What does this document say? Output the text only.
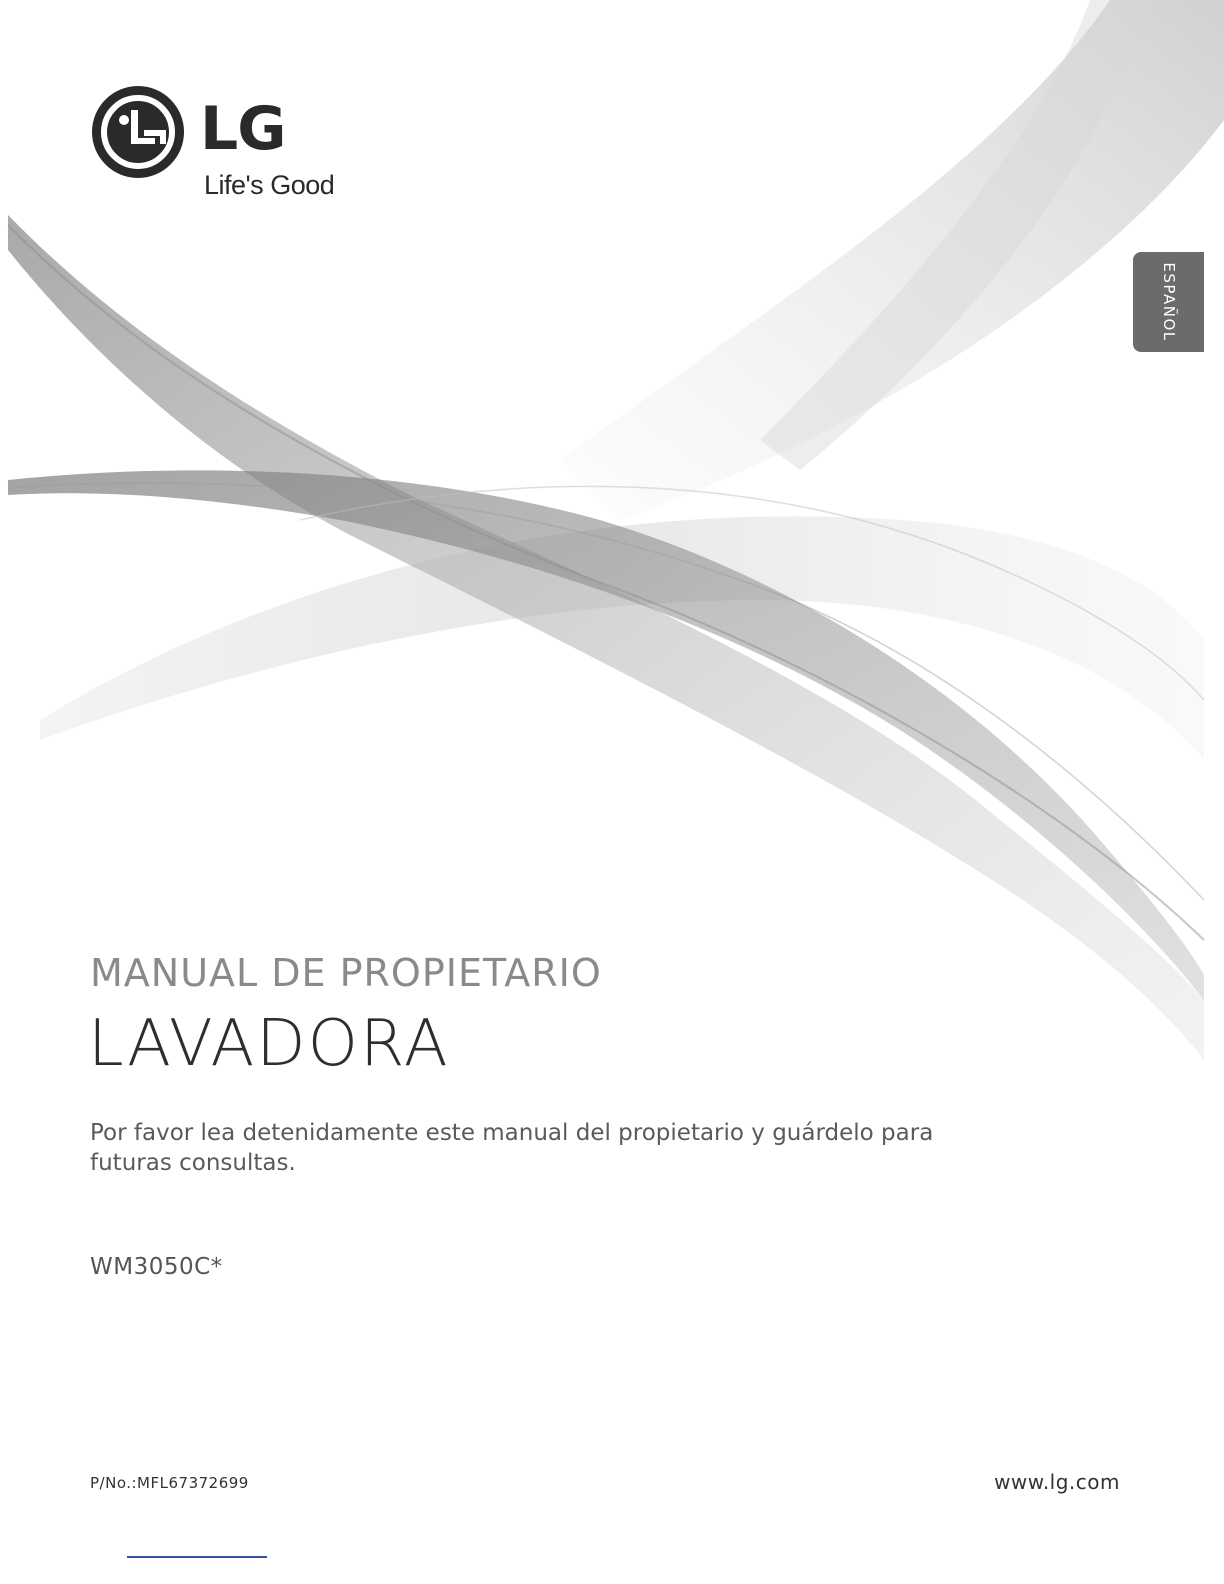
LG
Life's Good
ESPAÑOL
MANUAL DE PROPIETARIO
LAVADORA
Por favor lea detenidamente este manual del propietario y guárdelo para futuras consultas.
WM3050C*
P/No.:MFL67372699	www.lg.com
